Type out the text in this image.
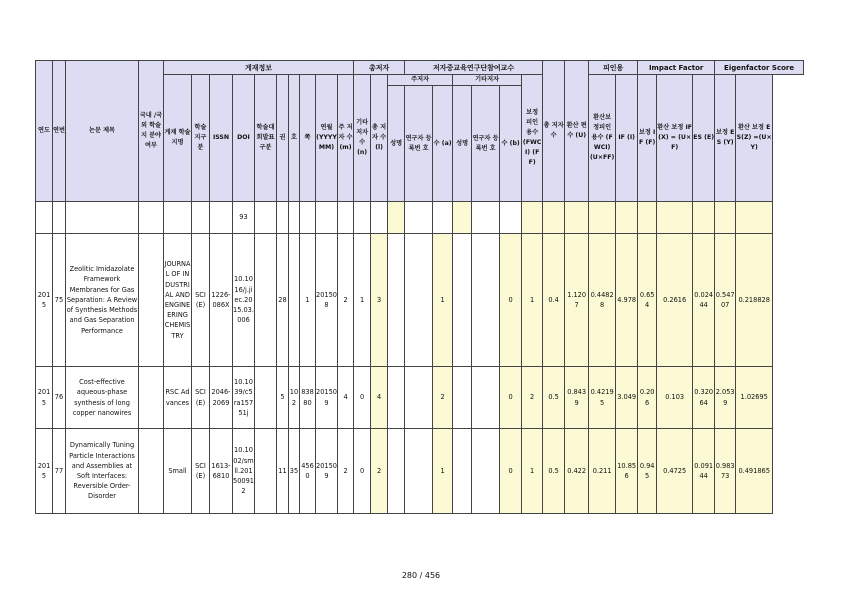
연도	연번	논문 제목	국내 /국외 학술지 분야여부	게재정보										총저자			저자중교육연구단참여교수						총 저자 수	환산 편수 (U)	피인용		Impact Factor			Eigenfactor Score	
				게재 학술지명	학술지구분	ISSN	DOI	학술대 회발표 구분	권	호	쪽	연월 (YYYY MM)	주 저자 수 (m)	기타 저자 수 (n)	총 저자 수 (l)	주저자			기타저자			보정 피인 용수 (FWC I) (FF)			환산보 정피인 용수 (FWCI) (U×FF)	IF (I)	보정 IF (F)	환산 보정 IF(X) = (U×F)	ES (E)	보정 ES (Y)	환산 보정 ES(Z) =(U×Y)
																성명	연구자 등록번 호	수 (a)	성명	연구자 등록번 호	수 (b)										
							93																								
2015	75	Zeolitic Imidazolate Framework Membranes for Gas Separation: A Review of Synthesis Methods and Gas Separation Performance		JOURNAL OF INDUSTRIAL AND ENGINEERING CHEMISTRY	SCI(E)	1226-086X	10.1016/j.jiec.2015.03.006		28		1	201508	2	1	3			1			0	1	0.4	1.1207	0.44828	4.978	0.654	0.2616	0.02444	0.54707	0.218828
2015	76	Cost-effective aqueous-phase synthesis of long copper nanowires		RSC Advances	SCI(E)	2046-2069	10.1039/c5ra15751j		5	102	83880	201509	4	0	4			2			0	2	0.5	0.8439	0.42195	3.049	0.206	0.103	0.32064	2.0539	1.02695
2015	77	Dynamically Tuning Particle Interactions and Assemblies at Soft Interfaces: Reversible Order-Disorder		Small	SCI(E)	1613-6810	10.1002/smll.201500912		11	35	4560	201509	2	0	2			1			0	1	0.5	0.422	0.211	10.856	0.945	0.4725	0.09144	0.98373	0.491865
280 / 456
